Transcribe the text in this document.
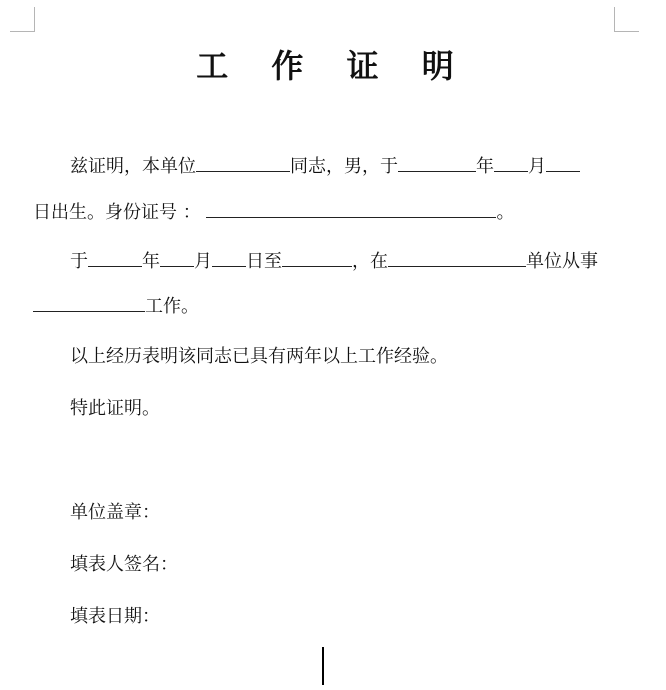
工 作 证 明
兹证明，本单位	同志，男，于	年 月
日出生。身份证号 ：	。
于	年 月 日至	，在	单位从事
工作。
以上经历表明该同志已具有两年以上工作经验。
特此证明。
单位盖章：
填表人签名：
填表日期：
